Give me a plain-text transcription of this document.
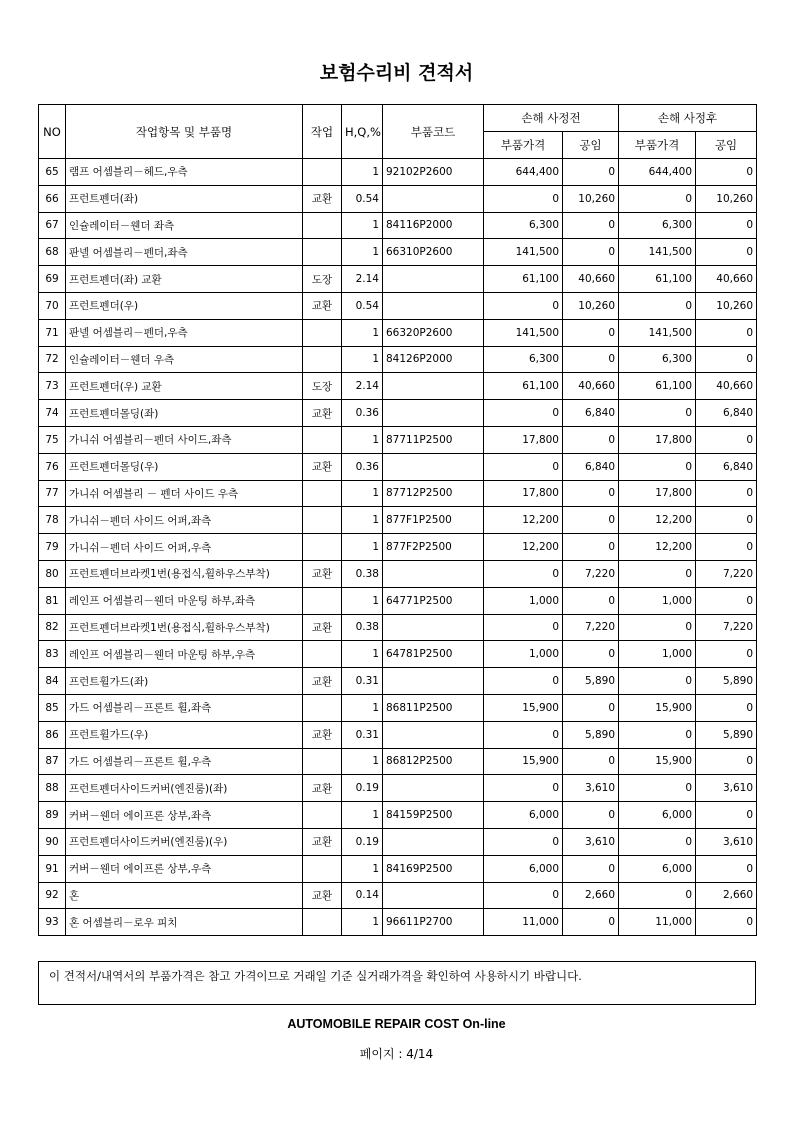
보험수리비 견적서
NO	작업항목 및 부품명	작업	H,Q,%	부품코드	손해 사정전		손해 사정후	
					부품가격	공임	부품가격	공임
65	램프 어셈블리－헤드,우측		1	92102P2600	644,400	0	644,400	0
66	프런트펜더(좌)	교환	0.54		0	10,260	0	10,260
67	인슐레이터－웬더 좌측		1	84116P2000	6,300	0	6,300	0
68	판넬 어셈블리－펜더,좌측		1	66310P2600	141,500	0	141,500	0
69	프런트펜더(좌) 교환	도장	2.14		61,100	40,660	61,100	40,660
70	프런트펜더(우)	교환	0.54		0	10,260	0	10,260
71	판넬 어셈블리－펜더,우측		1	66320P2600	141,500	0	141,500	0
72	인슐레이터－웬더 우측		1	84126P2000	6,300	0	6,300	0
73	프런트펜더(우) 교환	도장	2.14		61,100	40,660	61,100	40,660
74	프런트펜더몰딩(좌)	교환	0.36		0	6,840	0	6,840
75	가니쉬 어셈블리－펜더 사이드,좌측		1	87711P2500	17,800	0	17,800	0
76	프런트펜더몰딩(우)	교환	0.36		0	6,840	0	6,840
77	가니쉬 어셈블리 － 펜더 사이드 우측		1	87712P2500	17,800	0	17,800	0
78	가니쉬－펜더 사이드 어퍼,좌측		1	877F1P2500	12,200	0	12,200	0
79	가니쉬－펜더 사이드 어퍼,우측		1	877F2P2500	12,200	0	12,200	0
80	프런트펜더브라켓1번(용접식,휠하우스부착)	교환	0.38		0	7,220	0	7,220
81	레인프 어셈블리－웬더 마운팅 하부,좌측		1	64771P2500	1,000	0	1,000	0
82	프런트펜더브라켓1번(용접식,휠하우스부착)	교환	0.38		0	7,220	0	7,220
83	레인프 어셈블리－웬더 마운팅 하부,우측		1	64781P2500	1,000	0	1,000	0
84	프런트휠가드(좌)	교환	0.31		0	5,890	0	5,890
85	가드 어셈블리－프론트 휠,좌측		1	86811P2500	15,900	0	15,900	0
86	프런트휠가드(우)	교환	0.31		0	5,890	0	5,890
87	가드 어셈블리－프론트 휠,우측		1	86812P2500	15,900	0	15,900	0
88	프런트펜더사이드커버(엔진룸)(좌)	교환	0.19		0	3,610	0	3,610
89	커버－웬더 에이프론 상부,좌측		1	84159P2500	6,000	0	6,000	0
90	프런트펜더사이드커버(엔진룸)(우)	교환	0.19		0	3,610	0	3,610
91	커버－웬더 에이프론 상부,우측		1	84169P2500	6,000	0	6,000	0
92	혼	교환	0.14		0	2,660	0	2,660
93	혼 어셈블리－로우 피치		1	96611P2700	11,000	0	11,000	0
이 견적서/내역서의 부품가격은 참고 가격이므로 거래일 기준 실거래가격을 확인하여 사용하시기 바랍니다.
AUTOMOBILE REPAIR COST On-line
페이지 : 4/14
